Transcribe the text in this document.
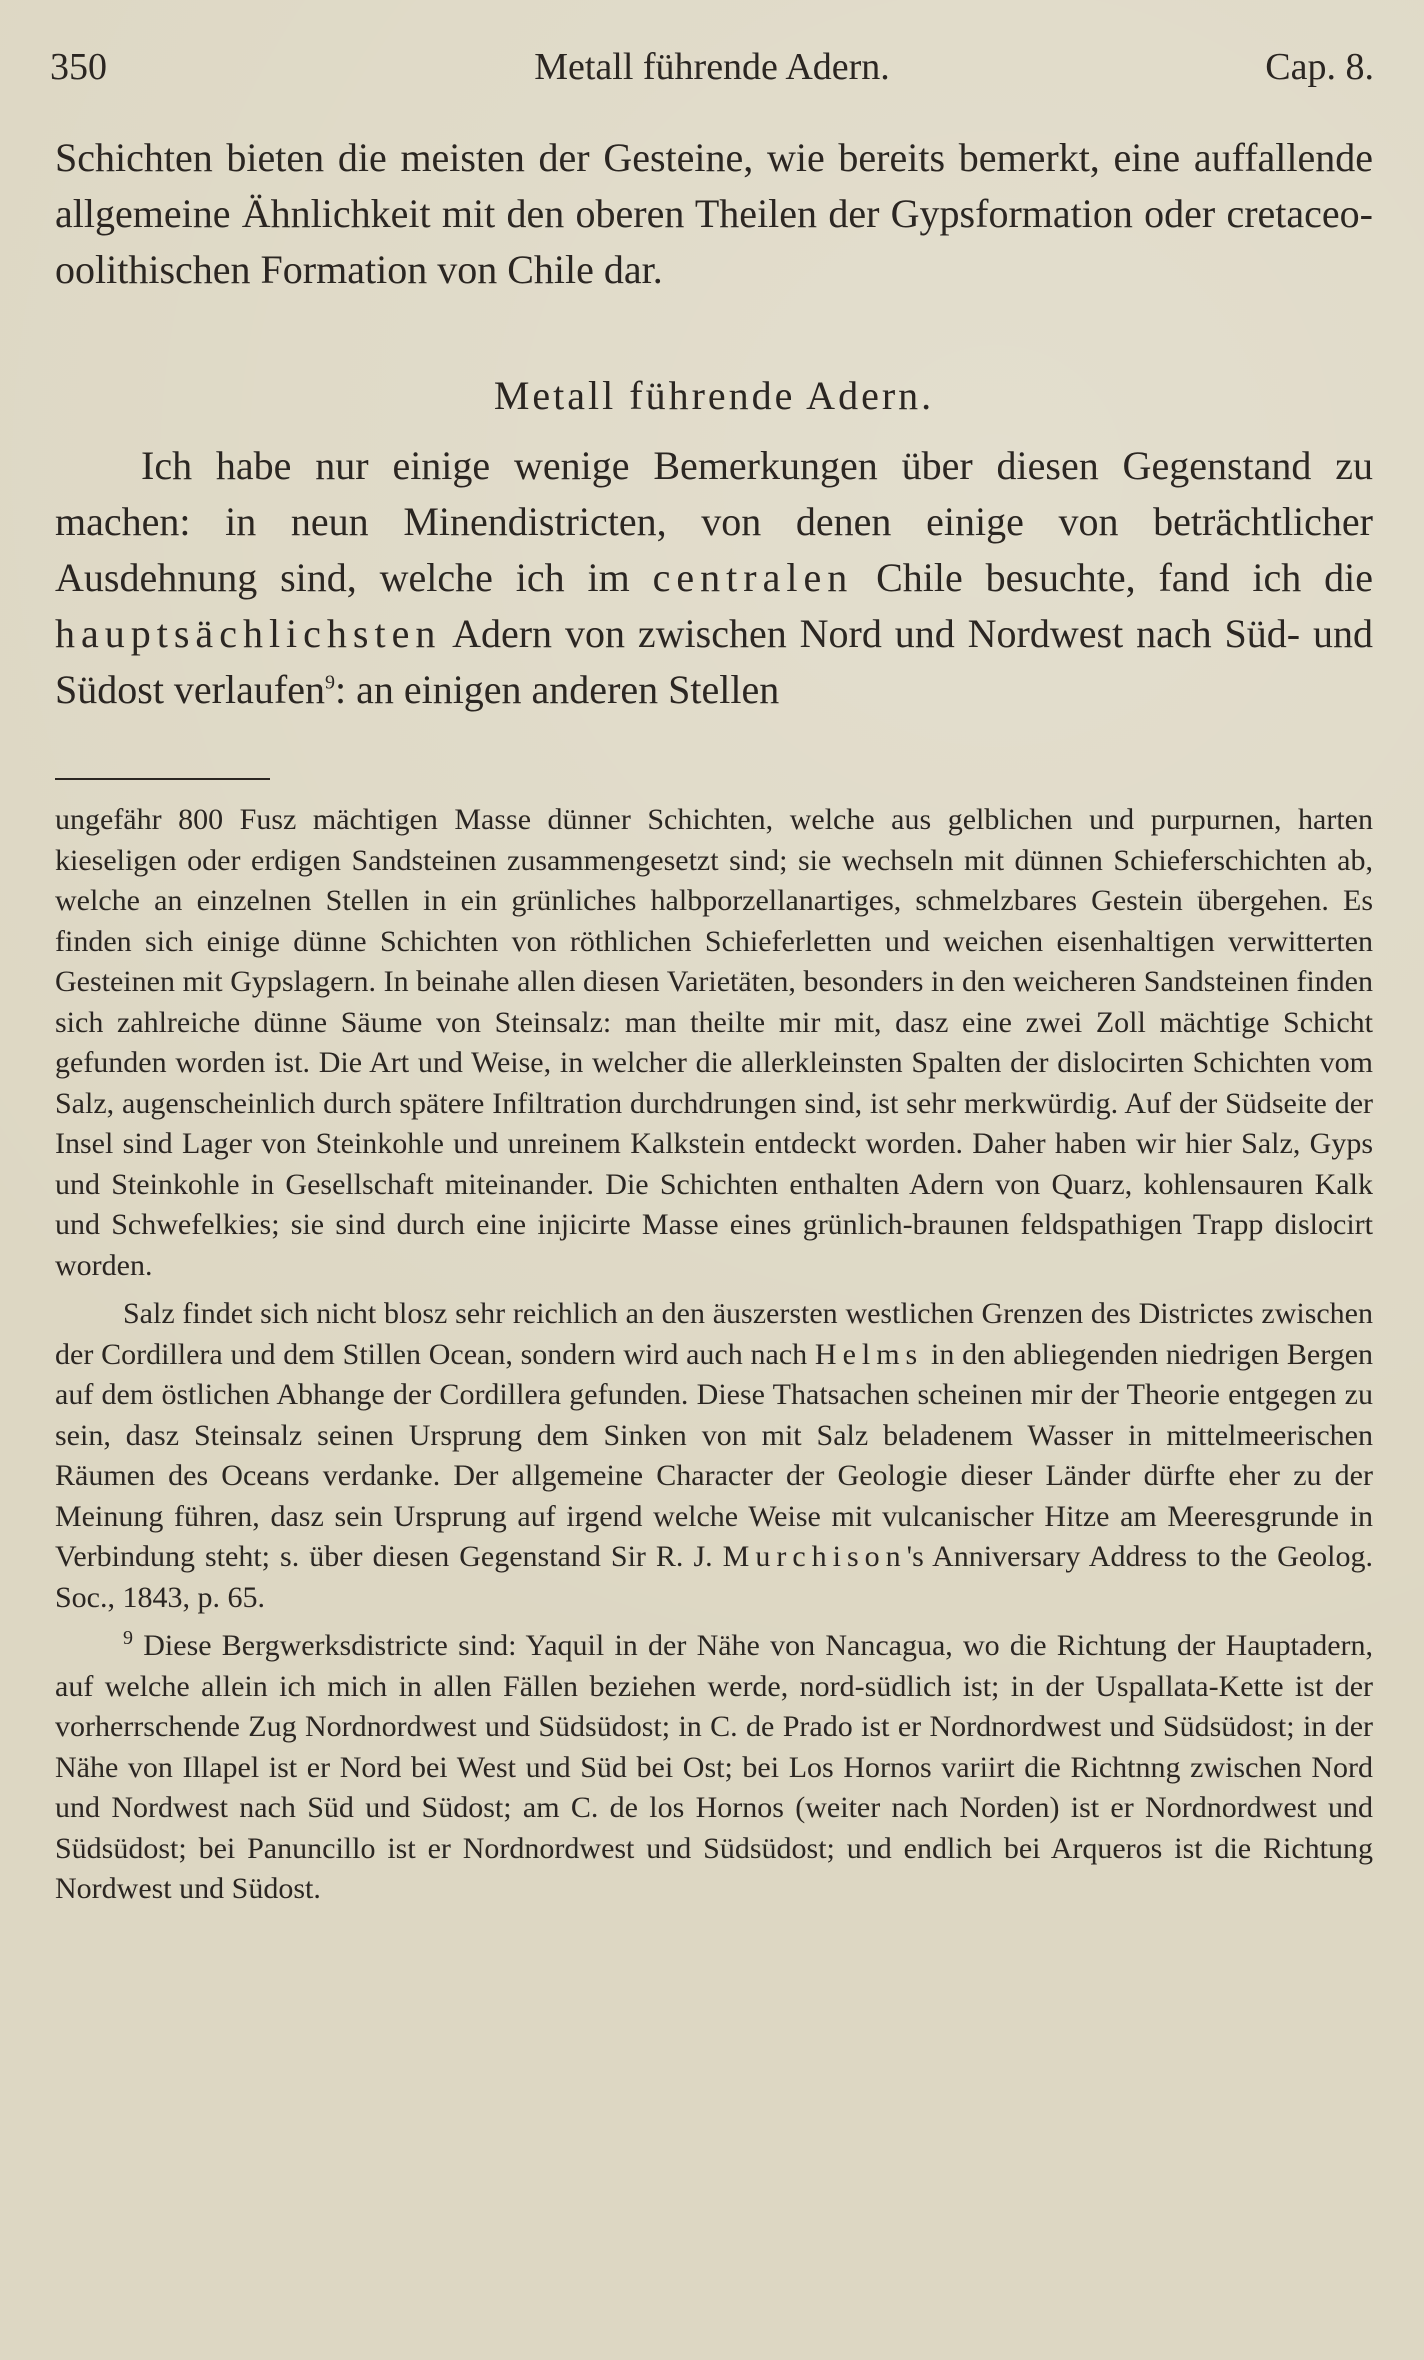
350	Metall führende Adern.	Cap. 8.

Schichten bieten die meisten der Gesteine, wie bereits bemerkt, eine auffallende allgemeine Ähnlichkeit mit den oberen Theilen der Gypsformation oder cretaceo-oolithischen Formation von Chile dar.

Metall führende Adern.

Ich habe nur einige wenige Bemerkungen über diesen Gegenstand zu machen: in neun Minendistricten, von denen einige von beträchtlicher Ausdehnung sind, welche ich im centralen Chile besuchte, fand ich die hauptsächlichsten Adern von zwischen Nord und Nordwest nach Süd- und Südost verlaufen$^9$: an einigen anderen Stellen

ungefähr 800 Fusz mächtigen Masse dünner Schichten, welche aus gelblichen und purpurnen, harten kieseligen oder erdigen Sandsteinen zusammengesetzt sind; sie wechseln mit dünnen Schieferschichten ab, welche an einzelnen Stellen in ein grünliches halbporzellanartiges, schmelzbares Gestein übergehen. Es finden sich einige dünne Schichten von röthlichen Schieferletten und weichen eisenhaltigen verwitterten Gesteinen mit Gypslagern. In beinahe allen diesen Varietäten, besonders in den weicheren Sandsteinen finden sich zahlreiche dünne Säume von Steinsalz: man theilte mir mit, dasz eine zwei Zoll mächtige Schicht gefunden worden ist. Die Art und Weise, in welcher die allerkleinsten Spalten der dislocirten Schichten vom Salz, augenscheinlich durch spätere Infiltration durchdrungen sind, ist sehr merkwürdig. Auf der Südseite der Insel sind Lager von Steinkohle und unreinem Kalkstein entdeckt worden. Daher haben wir hier Salz, Gyps und Steinkohle in Gesellschaft miteinander. Die Schichten enthalten Adern von Quarz, kohlensauren Kalk und Schwefelkies; sie sind durch eine injicirte Masse eines grünlich-braunen feldspathigen Trapp dislocirt worden.

Salz findet sich nicht blosz sehr reichlich an den äuszersten westlichen Grenzen des Districtes zwischen der Cordillera und dem Stillen Ocean, sondern wird auch nach Helms in den abliegenden niedrigen Bergen auf dem östlichen Abhange der Cordillera gefunden. Diese Thatsachen scheinen mir der Theorie entgegen zu sein, dasz Steinsalz seinen Ursprung dem Sinken von mit Salz beladenem Wasser in mittelmeerischen Räumen des Oceans verdanke. Der allgemeine Character der Geologie dieser Länder dürfte eher zu der Meinung führen, dasz sein Ursprung auf irgend welche Weise mit vulcanischer Hitze am Meeresgrunde in Verbindung steht; s. über diesen Gegenstand Sir R. J. Murchison's Anniversary Address to the Geolog. Soc., 1843, p. 65.

$^9$ Diese Bergwerksdistricte sind: Yaquil in der Nähe von Nancagua, wo die Richtung der Hauptadern, auf welche allein ich mich in allen Fällen beziehen werde, nord-südlich ist; in der Uspallata-Kette ist der vorherrschende Zug Nordnordwest und Südsüdost; in C. de Prado ist er Nordnordwest und Südsüdost; in der Nähe von Illapel ist er Nord bei West und Süd bei Ost; bei Los Hornos variirt die Richtnng zwischen Nord und Nordwest nach Süd und Südost; am C. de los Hornos (weiter nach Norden) ist er Nordnordwest und Südsüdost; bei Panuncillo ist er Nordnordwest und Südsüdost; und endlich bei Arqueros ist die Richtung Nordwest und Südost.
